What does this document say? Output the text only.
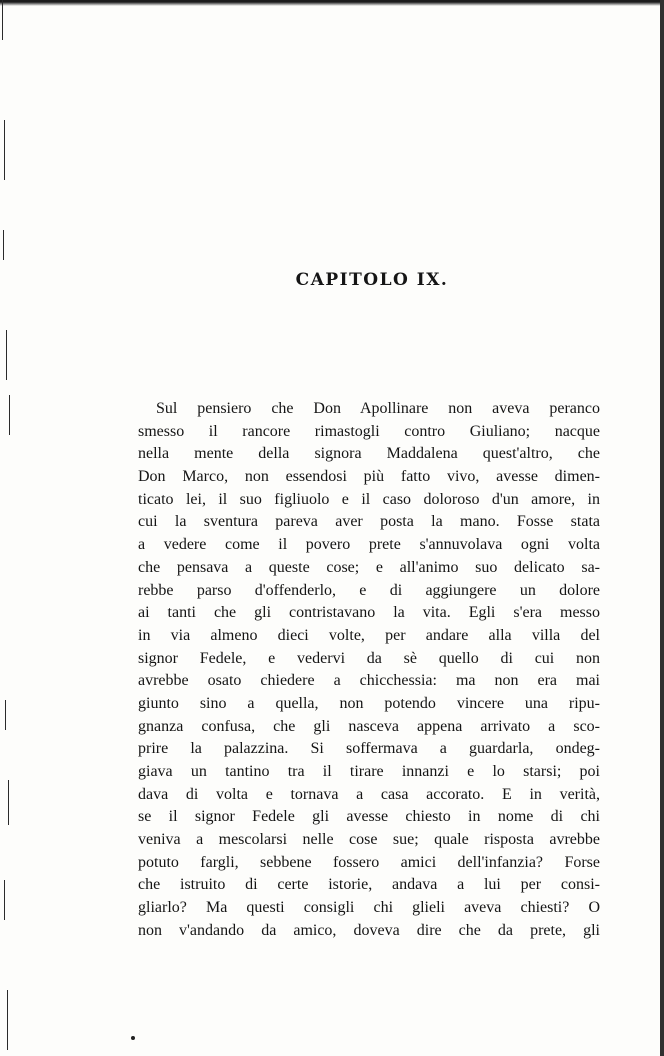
CAPITOLO IX.
Sul pensiero che Don Apollinare non aveva peranco
smesso il rancore rimastogli contro Giuliano; nacque
nella mente della signora Maddalena quest'altro, che
Don Marco, non essendosi più fatto vivo, avesse dimen-
ticato lei, il suo figliuolo e il caso doloroso d'un amore, in
cui la sventura pareva aver posta la mano. Fosse stata
a vedere come il povero prete s'annuvolava ogni volta
che pensava a queste cose; e all'animo suo delicato sa-
rebbe parso d'offenderlo, e di aggiungere un dolore
ai tanti che gli contristavano la vita. Egli s'era messo
in via almeno dieci volte, per andare alla villa del
signor Fedele, e vedervi da sè quello di cui non
avrebbe osato chiedere a chicchessia: ma non era mai
giunto sino a quella, non potendo vincere una ripu-
gnanza confusa, che gli nasceva appena arrivato a sco-
prire la palazzina. Si soffermava a guardarla, ondeg-
giava un tantino tra il tirare innanzi e lo starsi; poi
dava di volta e tornava a casa accorato. E in verità,
se il signor Fedele gli avesse chiesto in nome di chi
veniva a mescolarsi nelle cose sue; quale risposta avrebbe
potuto fargli, sebbene fossero amici dell'infanzia? Forse
che istruito di certe istorie, andava a lui per consi-
gliarlo? Ma questi consigli chi glieli aveva chiesti? O
non v'andando da amico, doveva dire che da prete, gli
